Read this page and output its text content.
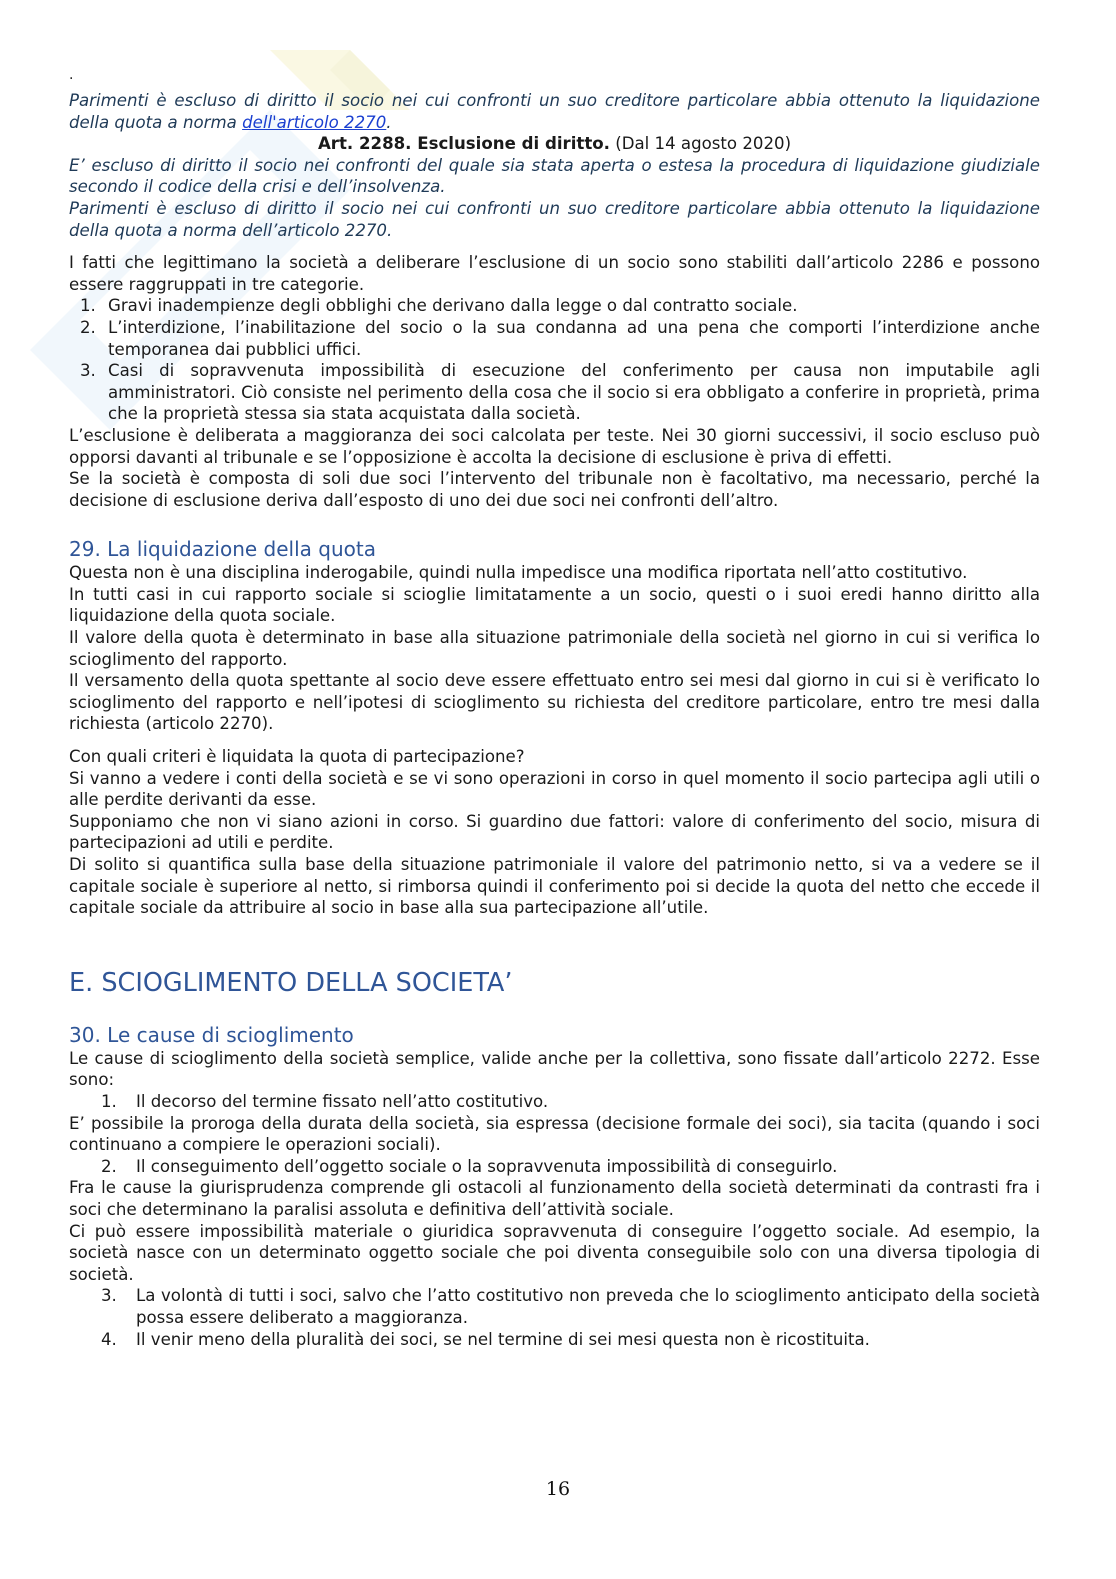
.

Parimenti è escluso di diritto il socio nei cui confronti un suo creditore particolare abbia ottenuto la liquidazione della quota a norma dell'articolo 2270.

Art. 2288. Esclusione di diritto. (Dal 14 agosto 2020)

E’ escluso di diritto il socio nei confronti del quale sia stata aperta o estesa la procedura di liquidazione giudiziale secondo il codice della crisi e dell’insolvenza.

Parimenti è escluso di diritto il socio nei cui confronti un suo creditore particolare abbia ottenuto la liquidazione della quota a norma dell’articolo 2270.

I fatti che legittimano la società a deliberare l’esclusione di un socio sono stabiliti dall’articolo 2286 e possono essere raggruppati in tre categorie.

1. Gravi inadempienze degli obblighi che derivano dalla legge o dal contratto sociale.
2. L’interdizione, l’inabilitazione del socio o la sua condanna ad una pena che comporti l’interdizione anche temporanea dai pubblici uffici.
3. Casi di sopravvenuta impossibilità di esecuzione del conferimento per causa non imputabile agli amministratori. Ciò consiste nel perimento della cosa che il socio si era obbligato a conferire in proprietà, prima che la proprietà stessa sia stata acquistata dalla società.

L’esclusione è deliberata a maggioranza dei soci calcolata per teste. Nei 30 giorni successivi, il socio escluso può opporsi davanti al tribunale e se l’opposizione è accolta la decisione di esclusione è priva di effetti.

Se la società è composta di soli due soci l’intervento del tribunale non è facoltativo, ma necessario, perché la decisione di esclusione deriva dall’esposto di uno dei due soci nei confronti dell’altro.

29. La liquidazione della quota

Questa non è una disciplina inderogabile, quindi nulla impedisce una modifica riportata nell’atto costitutivo.

In tutti casi in cui rapporto sociale si scioglie limitatamente a un socio, questi o i suoi eredi hanno diritto alla liquidazione della quota sociale.

Il valore della quota è determinato in base alla situazione patrimoniale della società nel giorno in cui si verifica lo scioglimento del rapporto.

Il versamento della quota spettante al socio deve essere effettuato entro sei mesi dal giorno in cui si è verificato lo scioglimento del rapporto e nell’ipotesi di scioglimento su richiesta del creditore particolare, entro tre mesi dalla richiesta (articolo 2270).

Con quali criteri è liquidata la quota di partecipazione?

Si vanno a vedere i conti della società e se vi sono operazioni in corso in quel momento il socio partecipa agli utili o alle perdite derivanti da esse.

Supponiamo che non vi siano azioni in corso. Si guardino due fattori: valore di conferimento del socio, misura di partecipazioni ad utili e perdite.

Di solito si quantifica sulla base della situazione patrimoniale il valore del patrimonio netto, si va a vedere se il capitale sociale è superiore al netto, si rimborsa quindi il conferimento poi si decide la quota del netto che eccede il capitale sociale da attribuire al socio in base alla sua partecipazione all’utile.

E. SCIOGLIMENTO DELLA SOCIETA’
30. Le cause di scioglimento

Le cause di scioglimento della società semplice, valide anche per la collettiva, sono fissate dall’articolo 2272. Esse sono:

1. Il decorso del termine fissato nell’atto costitutivo.

E’ possibile la proroga della durata della società, sia espressa (decisione formale dei soci), sia tacita (quando i soci continuano a compiere le operazioni sociali).

2. Il conseguimento dell’oggetto sociale o la sopravvenuta impossibilità di conseguirlo.

Fra le cause la giurisprudenza comprende gli ostacoli al funzionamento della società determinati da contrasti fra i soci che determinano la paralisi assoluta e definitiva dell’attività sociale.

Ci può essere impossibilità materiale o giuridica sopravvenuta di conseguire l’oggetto sociale. Ad esempio, la società nasce con un determinato oggetto sociale che poi diventa conseguibile solo con una diversa tipologia di società.

3. La volontà di tutti i soci, salvo che l’atto costitutivo non preveda che lo scioglimento anticipato della società possa essere deliberato a maggioranza.
4. Il venir meno della pluralità dei soci, se nel termine di sei mesi questa non è ricostituita.
16
